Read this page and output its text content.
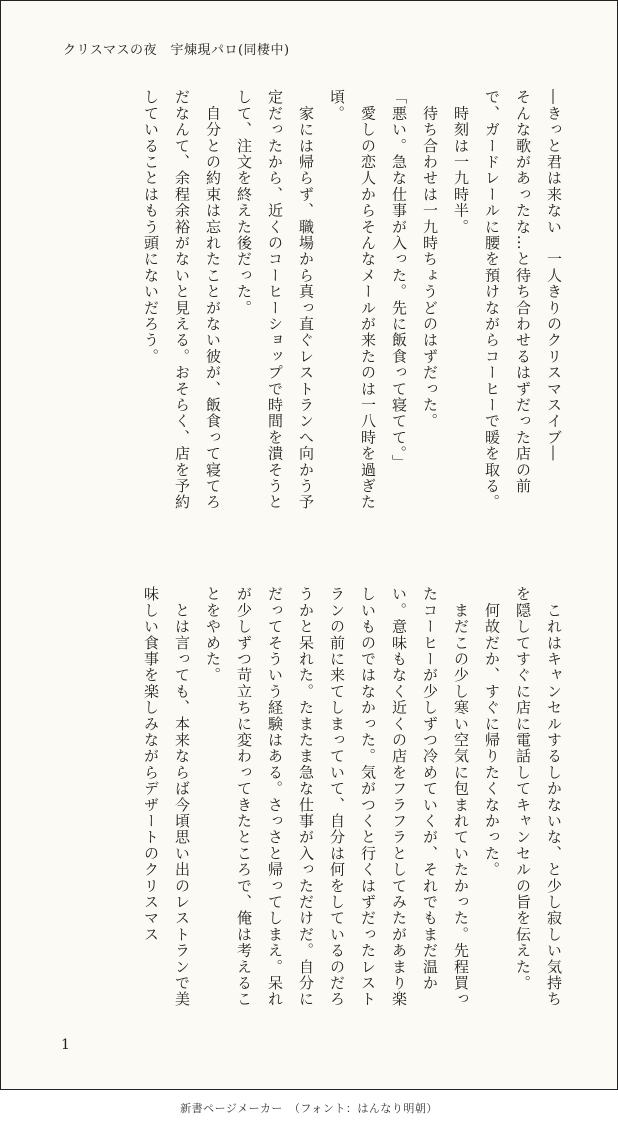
クリスマスの夜　宇煉現パロ(同棲中)

―きっと君は来ない　一人きりのクリスマスイブ―

そんな歌があったな…と待ち合わせるはずだった店の前で、ガードレールに腰を預けながらコーヒーで暖を取る。

　時刻は一九時半。

　待ち合わせは一九時ちょうどのはずだった。

「悪い。急な仕事が入った。先に飯食って寝てて。」

　愛しの恋人からそんなメールが来たのは一八時を過ぎた頃。

　家には帰らず、職場から真っ直ぐレストランへ向かう予定だったから、近くのコーヒーショップで時間を潰そうとして、注文を終えた後だった。

　自分との約束は忘れたことがない彼が、飯食って寝てろだなんて、余程余裕がないと見える。おそらく、店を予約していることはもう頭にないだろう。

　これはキャンセルするしかないな、と少し寂しい気持ちを隠してすぐに店に電話してキャンセルの旨を伝えた。

　何故だか、すぐに帰りたくなかった。

　まだこの少し寒い空気に包まれていたかった。先程買ったコーヒーが少しずつ冷めていくが、それでもまだ温かい。意味もなく近くの店をフラフラとしてみたがあまり楽しいものではなかった。気がつくと行くはずだったレストランの前に来てしまっていて、自分は何をしているのだろうかと呆れた。たまたま急な仕事が入っただけだ。自分にだってそういう経験はある。さっさと帰ってしまえ。呆れが少しずつ苛立ちに変わってきたところで、俺は考えることをやめた。

　とは言っても、本来ならば今頃思い出のレストランで美味しい食事を楽しみながらデザートのクリスマス

1
新書ページメーカー　（フォント：はんなり明朝）
